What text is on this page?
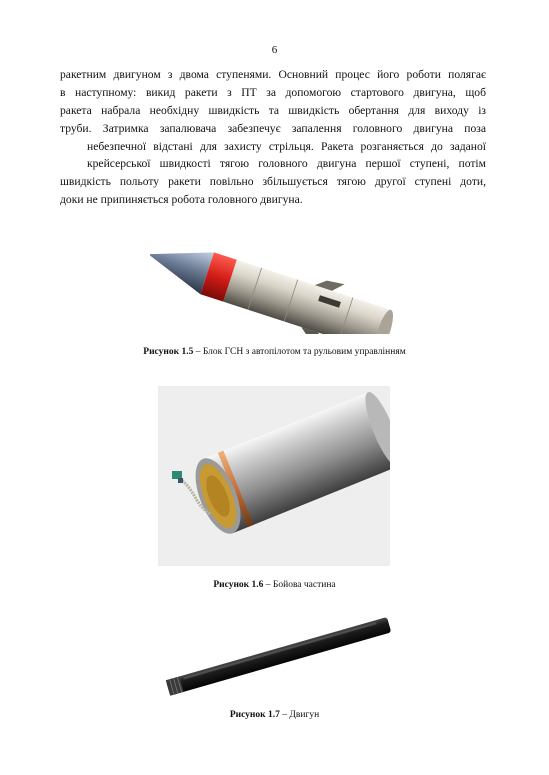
6
ракетним двигуном з двома ступенями. Основний процес його роботи полягає
в наступному: викид ракети з ПТ за допомогою стартового двигуна, щоб
ракета набрала необхідну швидкість та швидкість обертання для виходу із
труби. Затримка запалювача забезпечує запалення головного двигуна поза
небезпечної відстані для захисту стрільця. Ракета розганяється до заданої
крейсерської швидкості тягою головного двигуна першої ступені, потім
швидкість польоту ракети повільно збільшується тягою другої ступені доти,
доки не припиняється робота головного двигуна.
Рисунок 1.5 – Блок ГСН з автопілотом та рульовим управлінням
Рисунок 1.6 – Бойова частина
Рисунок 1.7 – Двигун
